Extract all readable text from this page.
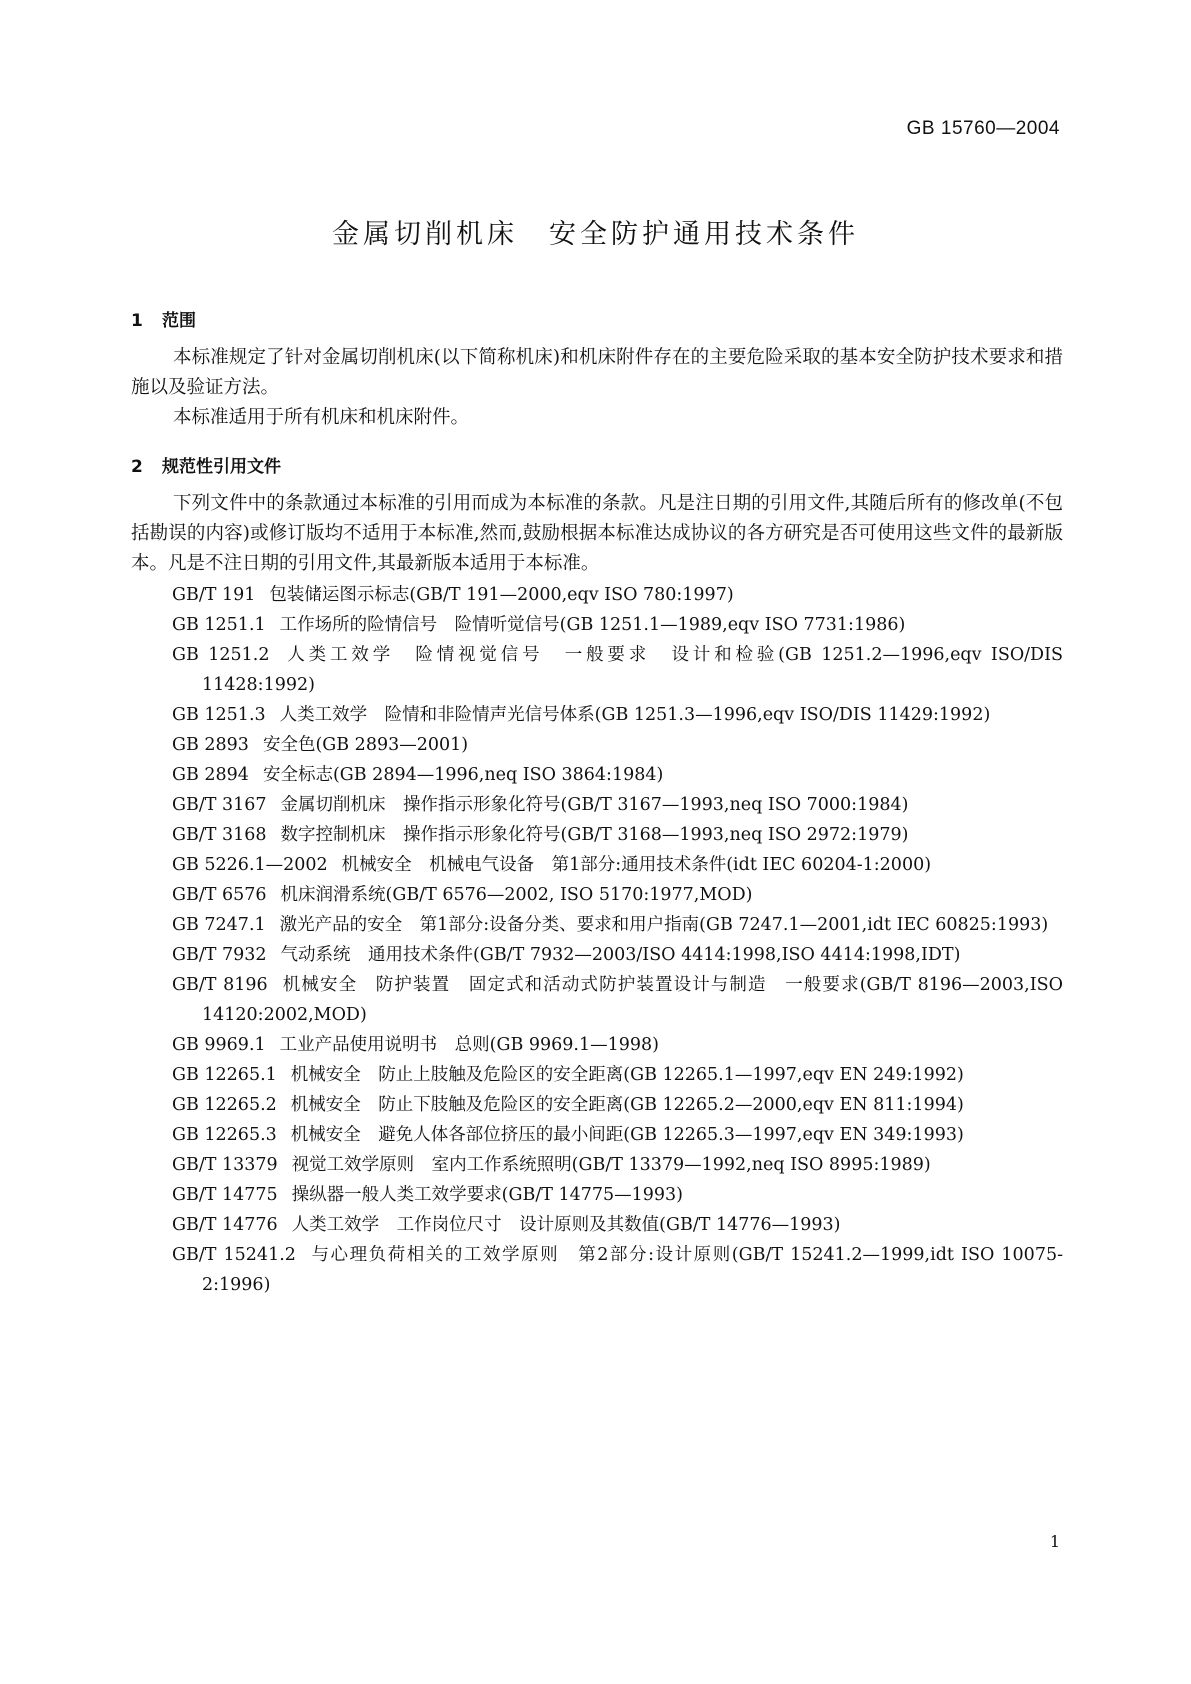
GB 15760—2004
金属切削机床　安全防护通用技术条件
1 范围

本标准规定了针对金属切削机床(以下简称机床)和机床附件存在的主要危险采取的基本安全防护技术要求和措施以及验证方法。

本标准适用于所有机床和机床附件。

2 规范性引用文件

下列文件中的条款通过本标准的引用而成为本标准的条款。凡是注日期的引用文件,其随后所有的修改单(不包括勘误的内容)或修订版均不适用于本标准,然而,鼓励根据本标准达成协议的各方研究是否可使用这些文件的最新版本。凡是不注日期的引用文件,其最新版本适用于本标准。

GB/T 191 包装储运图示标志(GB/T 191—2000,eqv ISO 780:1997)
GB 1251.1 工作场所的险情信号　险情听觉信号(GB 1251.1—1989,eqv ISO 7731:1986)
GB 1251.2 人类工效学　险情视觉信号　一般要求　设计和检验(GB 1251.2—1996,eqv ISO/DIS 11428:1992)
GB 1251.3 人类工效学　险情和非险情声光信号体系(GB 1251.3—1996,eqv ISO/DIS 11429:1992)
GB 2893 安全色(GB 2893—2001)
GB 2894 安全标志(GB 2894—1996,neq ISO 3864:1984)
GB/T 3167 金属切削机床　操作指示形象化符号(GB/T 3167—1993,neq ISO 7000:1984)
GB/T 3168 数字控制机床　操作指示形象化符号(GB/T 3168—1993,neq ISO 2972:1979)
GB 5226.1—2002 机械安全　机械电气设备　第1部分:通用技术条件(idt IEC 60204-1:2000)
GB/T 6576 机床润滑系统(GB/T 6576—2002, ISO 5170:1977,MOD)
GB 7247.1 激光产品的安全　第1部分:设备分类、要求和用户指南(GB 7247.1—2001,idt IEC 60825:1993)
GB/T 7932 气动系统　通用技术条件(GB/T 7932—2003/ISO 4414:1998,ISO 4414:1998,IDT)
GB/T 8196 机械安全　防护装置　固定式和活动式防护装置设计与制造　一般要求(GB/T 8196—2003,ISO 14120:2002,MOD)
GB 9969.1 工业产品使用说明书　总则(GB 9969.1—1998)
GB 12265.1 机械安全　防止上肢触及危险区的安全距离(GB 12265.1—1997,eqv EN 249:1992)
GB 12265.2 机械安全　防止下肢触及危险区的安全距离(GB 12265.2—2000,eqv EN 811:1994)
GB 12265.3 机械安全　避免人体各部位挤压的最小间距(GB 12265.3—1997,eqv EN 349:1993)
GB/T 13379 视觉工效学原则　室内工作系统照明(GB/T 13379—1992,neq ISO 8995:1989)
GB/T 14775 操纵器一般人类工效学要求(GB/T 14775—1993)
GB/T 14776 人类工效学　工作岗位尺寸　设计原则及其数值(GB/T 14776—1993)
GB/T 15241.2 与心理负荷相关的工效学原则　第2部分:设计原则(GB/T 15241.2—1999,idt ISO 10075-2:1996)
1
